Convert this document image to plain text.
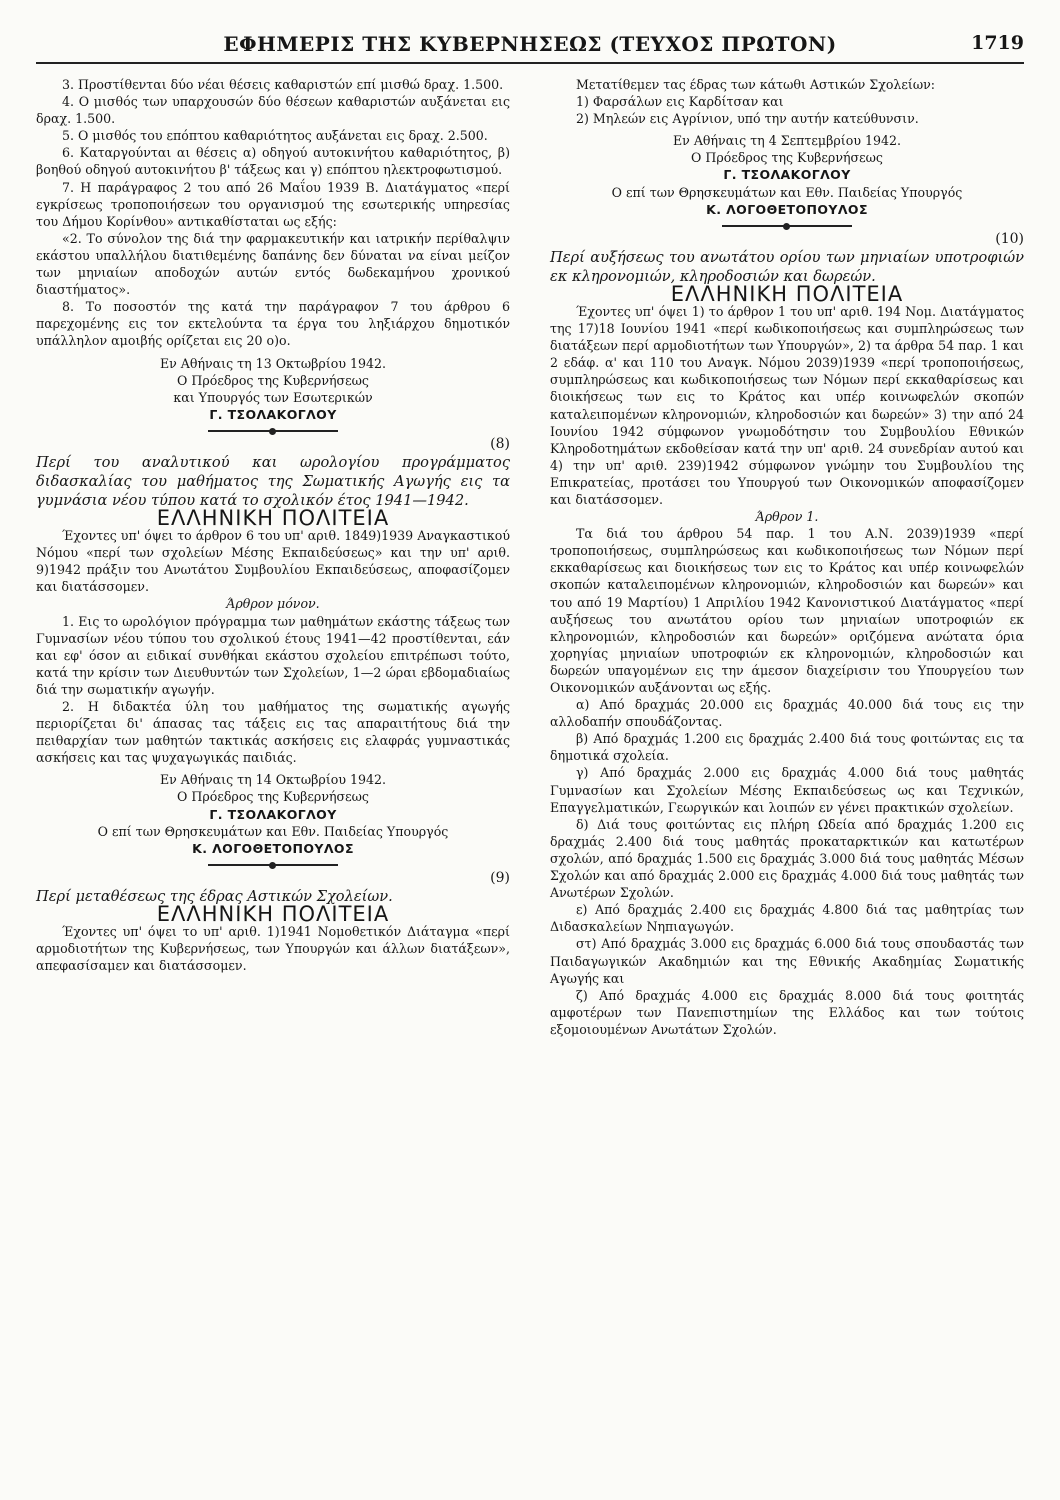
ΕΦΗΜΕΡΙΣ ΤΗΣ ΚΥΒΕΡΝΗΣΕΩΣ (ΤΕΥΧΟΣ ΠΡΩΤΟΝ)	1719

3. Προστίθενται δύο νέαι θέσεις καθαριστών επί μισθώ δραχ. 1.500.

4. Ο μισθός των υπαρχουσών δύο θέσεων καθαριστών αυξάνεται εις δραχ. 1.500.

5. Ο μισθός του επόπτου καθαριότητος αυξάνεται εις δραχ. 2.500.

6. Καταργούνται αι θέσεις α) οδηγού αυτοκινήτου καθαριότητος, β) βοηθού οδηγού αυτοκινήτου β' τάξεως και γ) επόπτου ηλεκτροφωτισμού.

7. Η παράγραφος 2 του από 26 Μαΐου 1939 Β. Διατάγματος «περί εγκρίσεως τροποποιήσεων του οργανισμού της εσωτερικής υπηρεσίας του Δήμου Κορίνθου» αντικαθίσταται ως εξής:

«2. Το σύνολον της διά την φαρμακευτικήν και ιατρικήν περίθαλψιν εκάστου υπαλλήλου διατιθεμένης δαπάνης δεν δύναται να είναι μείζον των μηνιαίων αποδοχών αυτών εντός δωδεκαμήνου χρονικού διαστήματος».

8. Το ποσοστόν της κατά την παράγραφον 7 του άρθρου 6 παρεχομένης εις τον εκτελούντα τα έργα του ληξιάρχου δημοτικόν υπάλληλον αμοιβής ορίζεται εις 20 ο)ο.

Εν Αθήναις τη 13 Οκτωβρίου 1942.

Ο Πρόεδρος της Κυβερνήσεως

και Υπουργός των Εσωτερικών

Γ. ΤΣΟΛΑΚΟΓΛΟΥ

(8)

Περί του αναλυτικού και ωρολογίου προγράμματος διδασκαλίας του μαθήματος της Σωματικής Αγωγής εις τα γυμνάσια νέου τύπου κατά το σχολικόν έτος 1941—1942.

ΕΛΛΗΝΙΚΗ ΠΟΛΙΤΕΙΑ

Έχοντες υπ' όψει το άρθρον 6 του υπ' αριθ. 1849)1939 Αναγκαστικού Νόμου «περί των σχολείων Μέσης Εκπαιδεύσεως» και την υπ' αριθ. 9)1942 πράξιν του Ανωτάτου Συμβουλίου Εκπαιδεύσεως, αποφασίζομεν και διατάσσομεν.

Άρθρον μόνον.

1. Εις το ωρολόγιον πρόγραμμα των μαθημάτων εκάστης τάξεως των Γυμνασίων νέου τύπου του σχολικού έτους 1941—42 προστίθενται, εάν και εφ' όσον αι ειδικαί συνθήκαι εκάστου σχολείου επιτρέπωσι τούτο, κατά την κρίσιν των Διευθυντών των Σχολείων, 1—2 ώραι εβδομαδιαίως διά την σωματικήν αγωγήν.

2. Η διδακτέα ύλη του μαθήματος της σωματικής αγωγής περιορίζεται δι' άπασας τας τάξεις εις τας απαραιτήτους διά την πειθαρχίαν των μαθητών τακτικάς ασκήσεις εις ελαφράς γυμναστικάς ασκήσεις και τας ψυχαγωγικάς παιδιάς.

Εν Αθήναις τη 14 Οκτωβρίου 1942.

Ο Πρόεδρος της Κυβερνήσεως

Γ. ΤΣΟΛΑΚΟΓΛΟΥ

Ο επί των Θρησκευμάτων και Εθν. Παιδείας Υπουργός

Κ. ΛΟΓΟΘΕΤΟΠΟΥΛΟΣ

(9)

Περί μεταθέσεως της έδρας Αστικών Σχολείων.

ΕΛΛΗΝΙΚΗ ΠΟΛΙΤΕΙΑ

Έχοντες υπ' όψει το υπ' αριθ. 1)1941 Νομοθετικόν Διάταγμα «περί αρμοδιοτήτων της Κυβερνήσεως, των Υπουργών και άλλων διατάξεων», απεφασίσαμεν και διατάσσομεν.

Μετατίθεμεν τας έδρας των κάτωθι Αστικών Σχολείων:

1) Φαρσάλων εις Καρδίτσαν και

2) Μηλεών εις Αγρίνιον, υπό την αυτήν κατεύθυνσιν.

Εν Αθήναις τη 4 Σεπτεμβρίου 1942.

Ο Πρόεδρος της Κυβερνήσεως

Γ. ΤΣΟΛΑΚΟΓΛΟΥ

Ο επί των Θρησκευμάτων και Εθν. Παιδείας Υπουργός

Κ. ΛΟΓΟΘΕΤΟΠΟΥΛΟΣ

(10)

Περί αυξήσεως του ανωτάτου ορίου των μηνιαίων υποτροφιών εκ κληρονομιών, κληροδοσιών και δωρεών.

ΕΛΛΗΝΙΚΗ ΠΟΛΙΤΕΙΑ

Έχοντες υπ' όψει 1) το άρθρον 1 του υπ' αριθ. 194 Νομ. Διατάγματος της 17)18 Ιουνίου 1941 «περί κωδικοποιήσεως και συμπληρώσεως των διατάξεων περί αρμοδιοτήτων των Υπουργών», 2) τα άρθρα 54 παρ. 1 και 2 εδάφ. α' και 110 του Αναγκ. Νόμου 2039)1939 «περί τροποποιήσεως, συμπληρώσεως και κωδικοποιήσεως των Νόμων περί εκκαθαρίσεως και διοικήσεως των εις το Κράτος και υπέρ κοινωφελών σκοπών καταλειπομένων κληρονομιών, κληροδοσιών και δωρεών» 3) την από 24 Ιουνίου 1942 σύμφωνον γνωμοδότησιν του Συμβουλίου Εθνικών Κληροδοτημάτων εκδοθείσαν κατά την υπ' αριθ. 24 συνεδρίαν αυτού και 4) την υπ' αριθ. 239)1942 σύμφωνον γνώμην του Συμβουλίου της Επικρατείας, προτάσει του Υπουργού των Οικονομικών αποφασίζομεν και διατάσσομεν.

Άρθρον 1.

Τα διά του άρθρου 54 παρ. 1 του Α.Ν. 2039)1939 «περί τροποποιήσεως, συμπληρώσεως και κωδικοποιήσεως των Νόμων περί εκκαθαρίσεως και διοικήσεως των εις το Κράτος και υπέρ κοινωφελών σκοπών καταλειπομένων κληρονομιών, κληροδοσιών και δωρεών» και του από 19 Μαρτίου) 1 Απριλίου 1942 Κανονιστικού Διατάγματος «περί αυξήσεως του ανωτάτου ορίου των μηνιαίων υποτροφιών εκ κληρονομιών, κληροδοσιών και δωρεών» οριζόμενα ανώτατα όρια χορηγίας μηνιαίων υποτροφιών εκ κληρονομιών, κληροδοσιών και δωρεών υπαγομένων εις την άμεσον διαχείρισιν του Υπουργείου των Οικονομικών αυξάνονται ως εξής.

α) Από δραχμάς 20.000 εις δραχμάς 40.000 διά τους εις την αλλοδαπήν σπουδάζοντας.

β) Από δραχμάς 1.200 εις δραχμάς 2.400 διά τους φοιτώντας εις τα δημοτικά σχολεία.

γ) Από δραχμάς 2.000 εις δραχμάς 4.000 διά τους μαθητάς Γυμνασίων και Σχολείων Μέσης Εκπαιδεύσεως ως και Τεχνικών, Επαγγελματικών, Γεωργικών και λοιπών εν γένει πρακτικών σχολείων.

δ) Διά τους φοιτώντας εις πλήρη Ωδεία από δραχμάς 1.200 εις δραχμάς 2.400 διά τους μαθητάς προκαταρκτικών και κατωτέρων σχολών, από δραχμάς 1.500 εις δραχμάς 3.000 διά τους μαθητάς Μέσων Σχολών και από δραχμάς 2.000 εις δραχμάς 4.000 διά τους μαθητάς των Ανωτέρων Σχολών.

ε) Από δραχμάς 2.400 εις δραχμάς 4.800 διά τας μαθητρίας των Διδασκαλείων Νηπιαγωγών.

στ) Από δραχμάς 3.000 εις δραχμάς 6.000 διά τους σπουδαστάς των Παιδαγωγικών Ακαδημιών και της Εθνικής Ακαδημίας Σωματικής Αγωγής και

ζ) Από δραχμάς 4.000 εις δραχμάς 8.000 διά τους φοιτητάς αμφοτέρων των Πανεπιστημίων της Ελλάδος και των τούτοις εξομοιουμένων Ανωτάτων Σχολών.
